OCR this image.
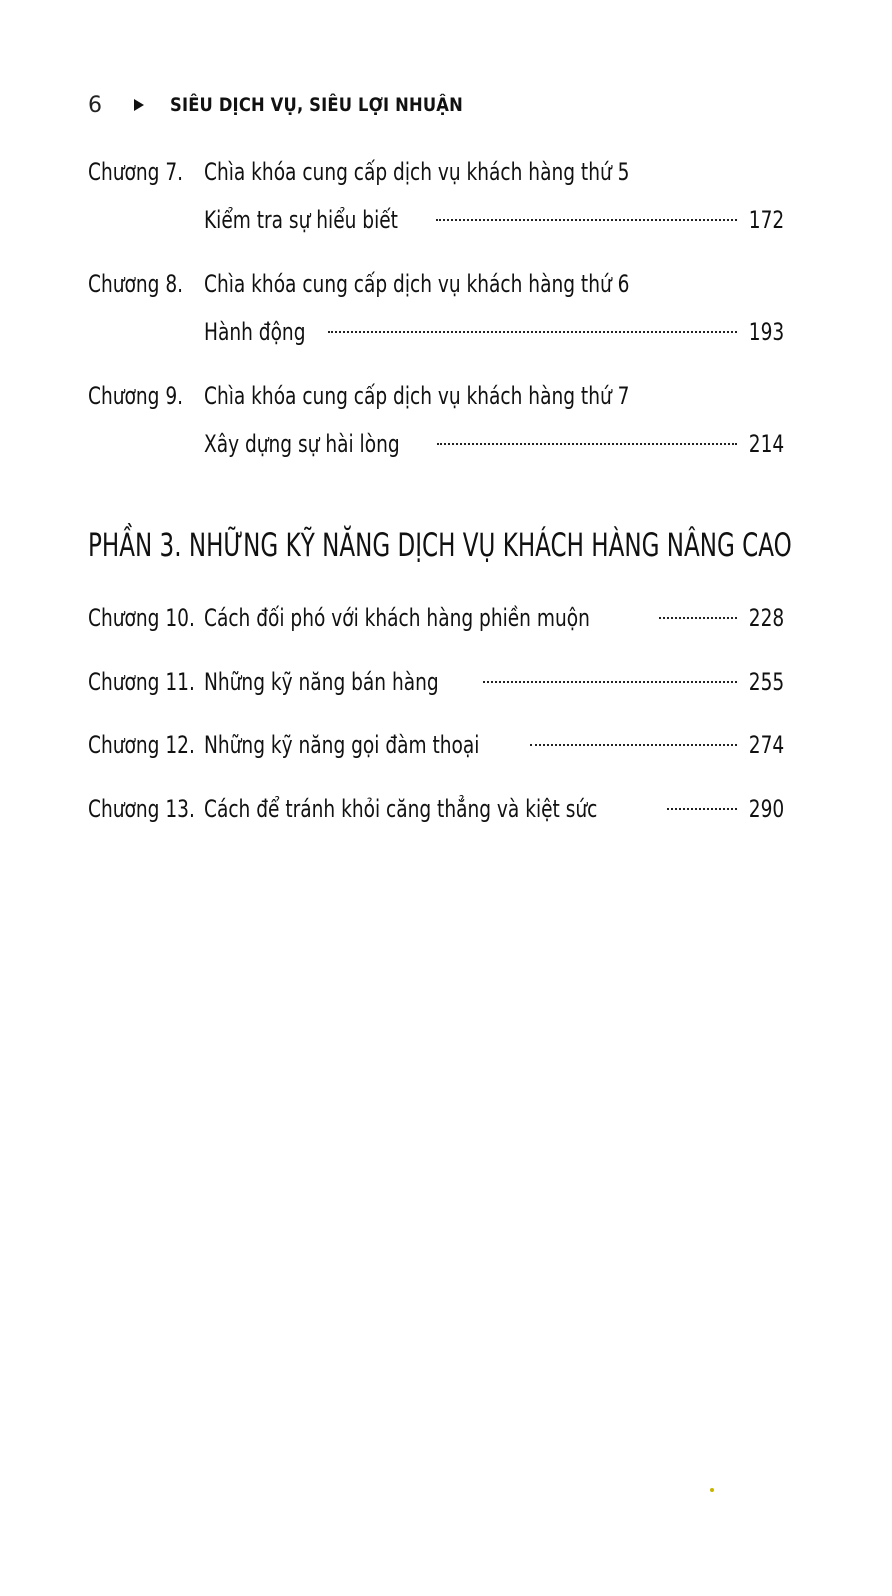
6	SIÊU DỊCH VỤ, SIÊU LỢI NHUẬN
Chương 7. Chìa khóa cung cấp dịch vụ khách hàng thứ 5
Kiểm tra sự hiểu biết	172
Chương 8. Chìa khóa cung cấp dịch vụ khách hàng thứ 6
Hành động	193
Chương 9. Chìa khóa cung cấp dịch vụ khách hàng thứ 7
Xây dựng sự hài lòng	214
PHẦN 3. NHỮNG KỸ NĂNG DỊCH VỤ KHÁCH HÀNG NÂNG CAO
Chương 10. Cách đối phó với khách hàng phiền muộn	228
Chương 11. Những kỹ năng bán hàng	255
Chương 12. Những kỹ năng gọi đàm thoại	274
Chương 13. Cách để tránh khỏi căng thẳng và kiệt sức	290
